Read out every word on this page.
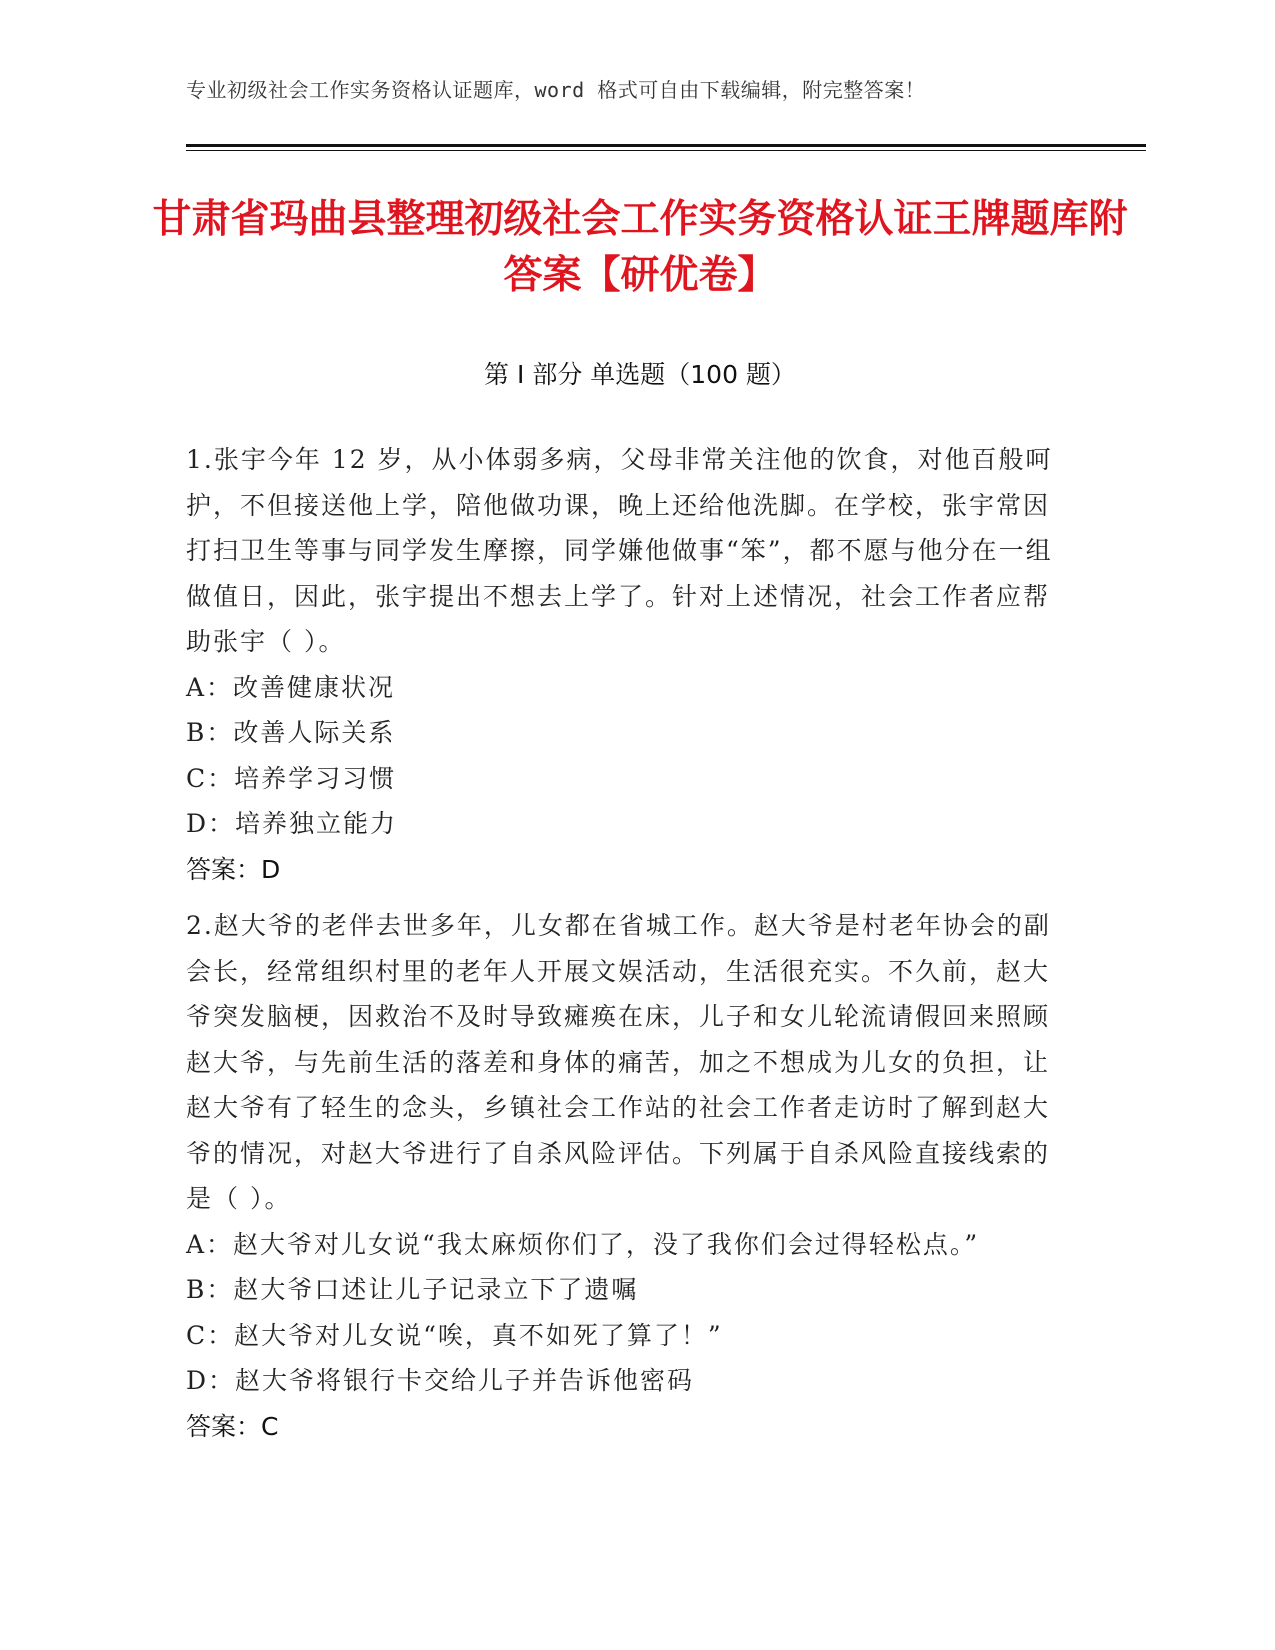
专业初级社会工作实务资格认证题库，word 格式可自由下载编辑，附完整答案！
甘肃省玛曲县整理初级社会工作实务资格认证王牌题库附答案【研优卷】
第 I 部分 单选题（100 题）

1.张宇今年 12 岁，从小体弱多病，父母非常关注他的饮食，对他百般呵护，不但接送他上学，陪他做功课，晚上还给他洗脚。在学校，张宇常因打扫卫生等事与同学发生摩擦，同学嫌他做事“笨”，都不愿与他分在一组做值日，因此，张宇提出不想去上学了。针对上述情况，社会工作者应帮助张宇（ ）。

A：改善健康状况
B：改善人际关系
C：培养学习习惯
D：培养独立能力
答案：D

2.赵大爷的老伴去世多年，儿女都在省城工作。赵大爷是村老年协会的副会长，经常组织村里的老年人开展文娱活动，生活很充实。不久前，赵大爷突发脑梗，因救治不及时导致瘫痪在床，儿子和女儿轮流请假回来照顾赵大爷，与先前生活的落差和身体的痛苦，加之不想成为儿女的负担，让赵大爷有了轻生的念头，乡镇社会工作站的社会工作者走访时了解到赵大爷的情况，对赵大爷进行了自杀风险评估。下列属于自杀风险直接线索的是（ ）。

A：赵大爷对儿女说“我太麻烦你们了，没了我你们会过得轻松点。”
B：赵大爷口述让儿子记录立下了遗嘱
C：赵大爷对儿女说“唉，真不如死了算了！”
D：赵大爷将银行卡交给儿子并告诉他密码
答案：C
